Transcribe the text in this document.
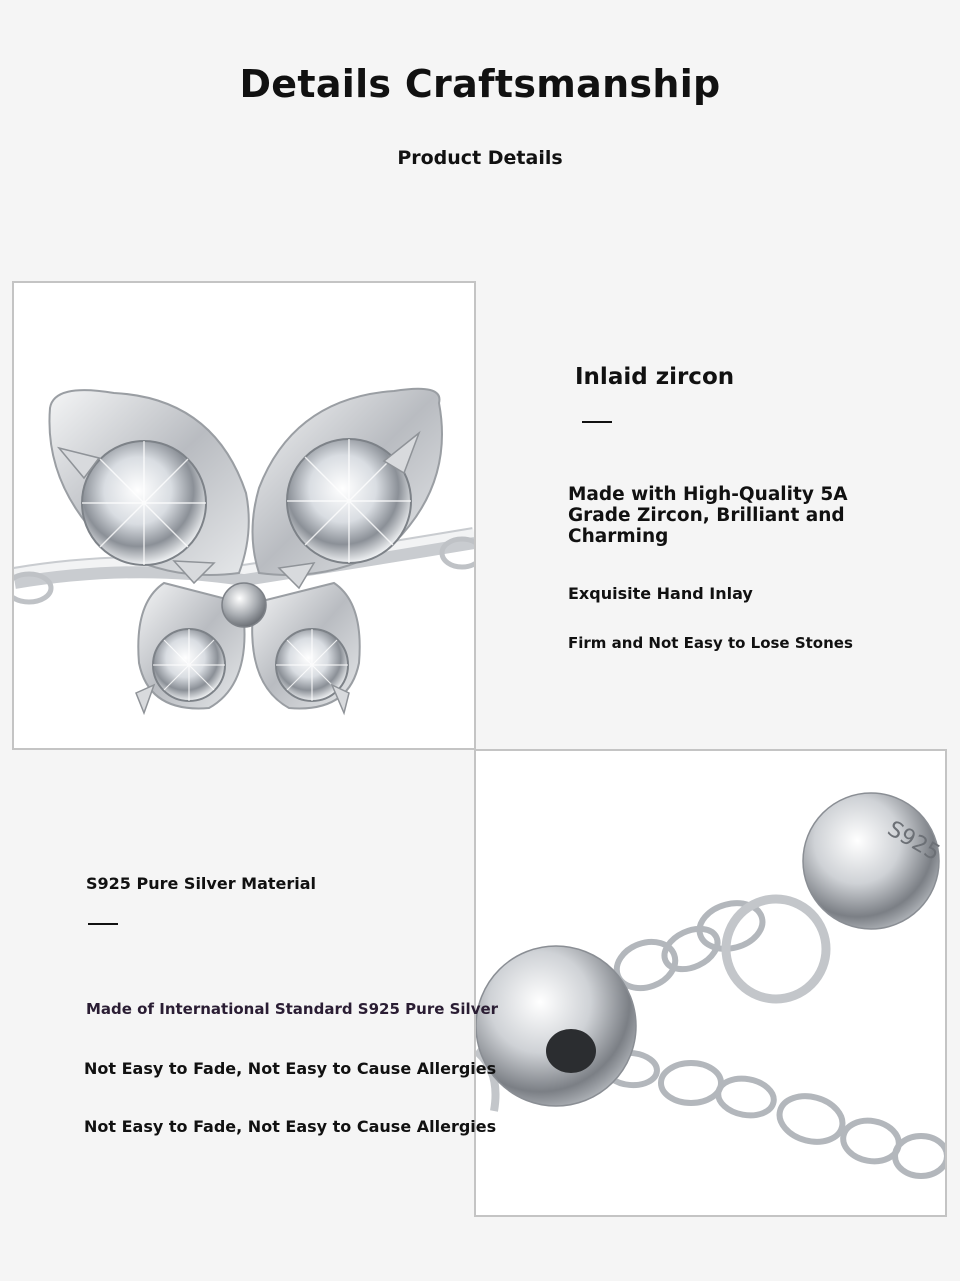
Details Craftsmanship
Product Details
Inlaid zircon
Made with High-Quality 5A Grade Zircon, Brilliant and Charming
Exquisite Hand Inlay
Firm and Not Easy to Lose Stones
S925
S925 Pure Silver Material
Made of International Standard S925 Pure Silver
Not Easy to Fade, Not Easy to Cause Allergies
Not Easy to Fade, Not Easy to Cause Allergies
